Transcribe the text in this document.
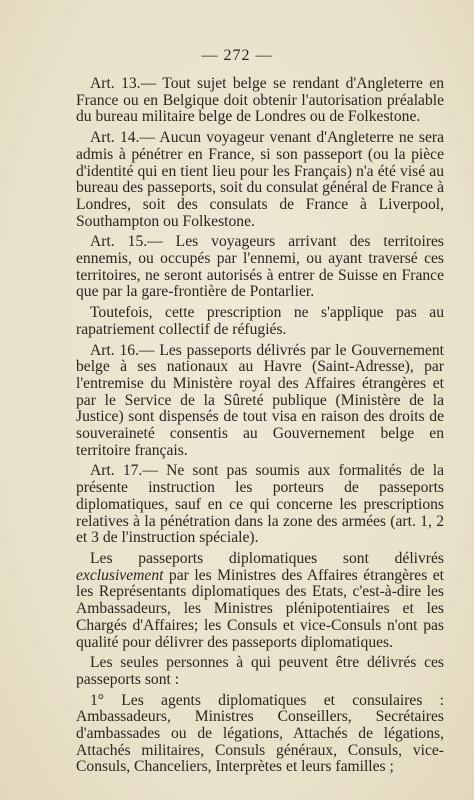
— 272 —

Art. 13.— Tout sujet belge se rendant d'Angleterre en France ou en Belgique doit obtenir l'autorisation préalable du bureau militaire belge de Londres ou de Folkestone.

Art. 14.— Aucun voyageur venant d'Angleterre ne sera admis à pénétrer en France, si son passeport (ou la pièce d'identité qui en tient lieu pour les Français) n'a été visé au bureau des passeports, soit du consulat général de France à Londres, soit des consulats de France à Liverpool, Southampton ou Folkestone.

Art. 15.— Les voyageurs arrivant des territoires ennemis, ou occupés par l'ennemi, ou ayant traversé ces territoires, ne seront autorisés à entrer de Suisse en France que par la gare-frontière de Pontarlier.

Toutefois, cette prescription ne s'applique pas au rapatriement collectif de réfugiés.

Art. 16.— Les passeports délivrés par le Gouvernement belge à ses nationaux au Havre (Saint-Adresse), par l'entremise du Ministère royal des Affaires étrangères et par le Service de la Sûreté publique (Ministère de la Justice) sont dispensés de tout visa en raison des droits de souveraineté consentis au Gouvernement belge en territoire français.

Art. 17.— Ne sont pas soumis aux formalités de la présente instruction les porteurs de passeports diplomatiques, sauf en ce qui concerne les prescriptions relatives à la pénétration dans la zone des armées (art. 1, 2 et 3 de l'instruction spéciale).

Les passeports diplomatiques sont délivrés exclusivement par les Ministres des Affaires étrangères et les Représentants diplomatiques des Etats, c'est-à-dire les Ambassadeurs, les Ministres plénipotentiaires et les Chargés d'Affaires; les Consuls et vice-Consuls n'ont pas qualité pour délivrer des passeports diplomatiques.

Les seules personnes à qui peuvent être délivrés ces passeports sont :

1° Les agents diplomatiques et consulaires : Ambassadeurs, Ministres Conseillers, Secrétaires d'ambassades ou de légations, Attachés de légations, Attachés militaires, Consuls généraux, Consuls, vice-Consuls, Chanceliers, Interprètes et leurs familles ;
